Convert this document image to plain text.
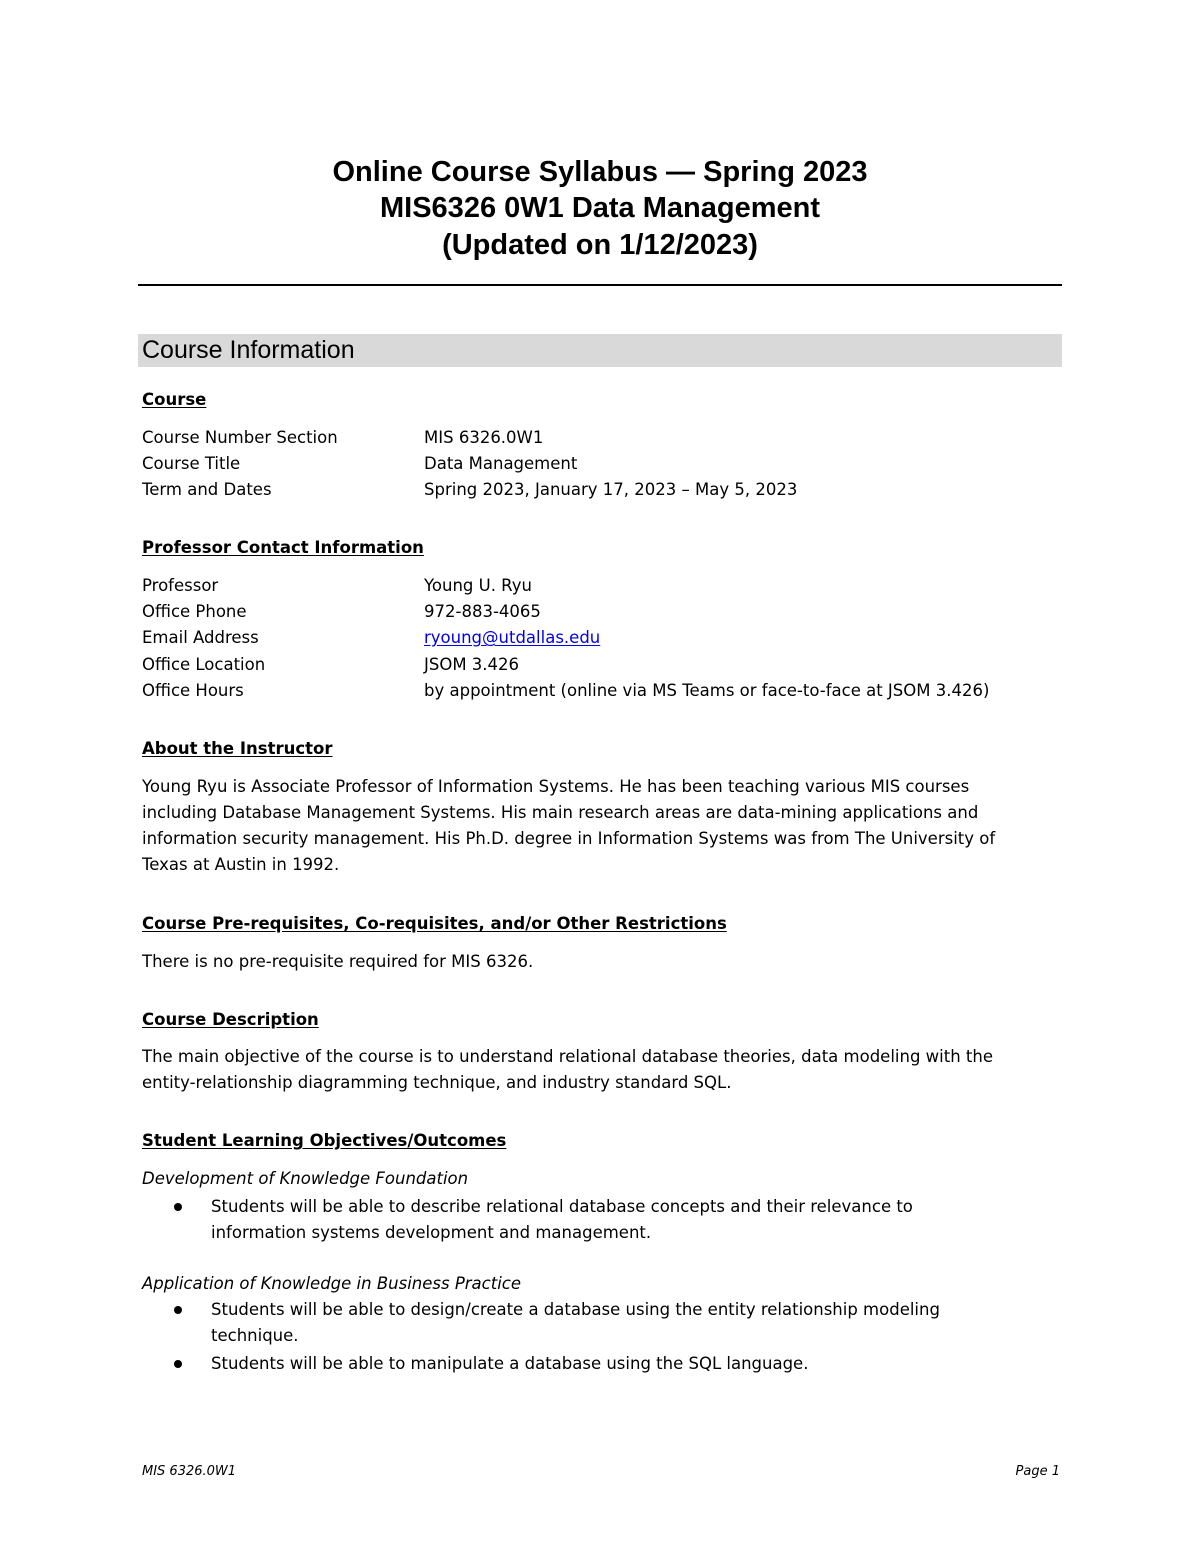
Online Course Syllabus — Spring 2023
MIS6326 0W1 Data Management
(Updated on 1/12/2023)
Course Information
Course
Course Number Section	MIS 6326.0W1
Course Title	Data Management
Term and Dates	Spring 2023, January 17, 2023 – May 5, 2023
Professor Contact Information
Professor	Young U. Ryu
Office Phone	972-883-4065
Email Address	ryoung@utdallas.edu
Office Location	JSOM 3.426
Office Hours	by appointment (online via MS Teams or face-to-face at JSOM 3.426)
About the Instructor
Young Ryu is Associate Professor of Information Systems. He has been teaching various MIS courses
including Database Management Systems. His main research areas are data-mining applications and
information security management. His Ph.D. degree in Information Systems was from The University of
Texas at Austin in 1992.
Course Pre-requisites, Co-requisites, and/or Other Restrictions
There is no pre-requisite required for MIS 6326.
Course Description
The main objective of the course is to understand relational database theories, data modeling with the
entity-relationship diagramming technique, and industry standard SQL.
Student Learning Objectives/Outcomes
Development of Knowledge Foundation
Students will be able to describe relational database concepts and their relevance to
information systems development and management.
Application of Knowledge in Business Practice
Students will be able to design/create a database using the entity relationship modeling
technique.
Students will be able to manipulate a database using the SQL language.
MIS 6326.0W1	Page 1
